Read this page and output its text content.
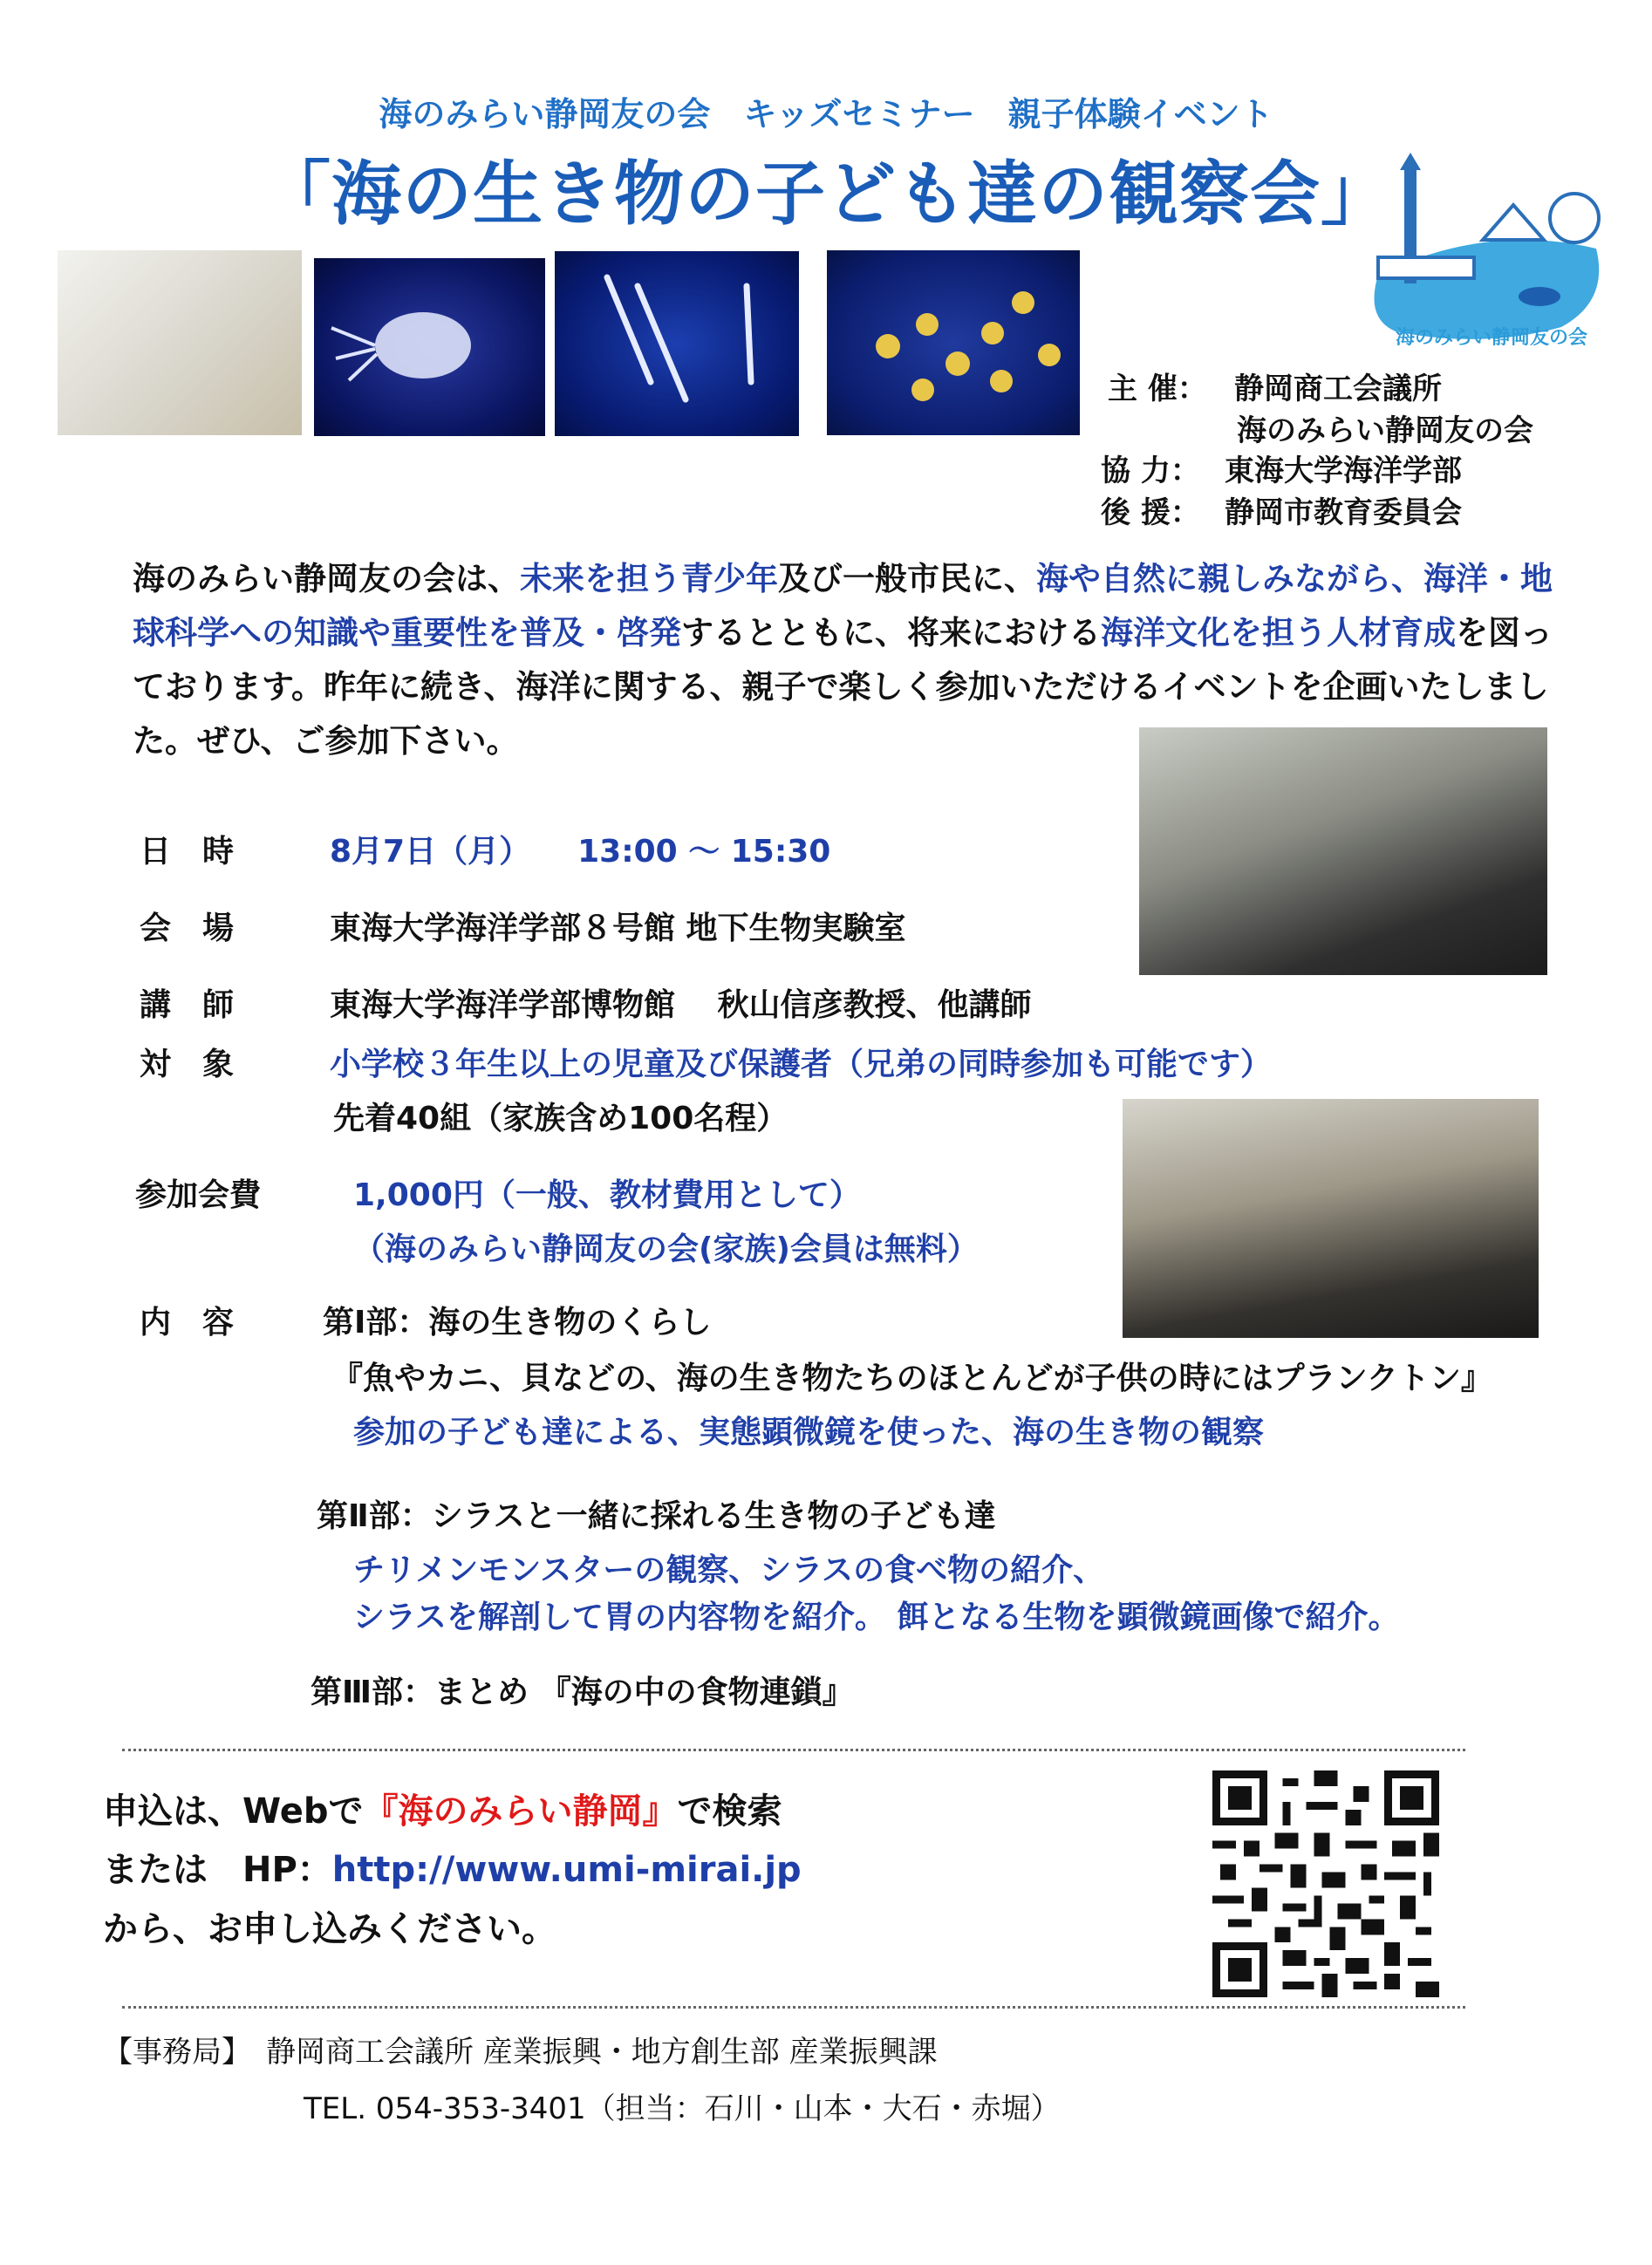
海のみらい静岡友の会　キッズセミナー　親子体験イベント
「海の生き物の子ども達の観察会」
海のみらい静岡友の会
主 催： 静岡商工会議所
海のみらい静岡友の会
協 力： 東海大学海洋学部
後 援： 静岡市教育委員会
海のみらい静岡友の会は、未来を担う青少年及び一般市民に、海や自然に親しみながら、海洋・地球科学への知識や重要性を普及・啓発するとともに、将来における海洋文化を担う人材育成を図っております。昨年に続き、海洋に関する、親子で楽しく参加いただけるイベントを企画いたしました。ぜひ、ご参加下さい。
日　時	8月7日（月）　　13:00 ～ 15:30
会　場	東海大学海洋学部８号館 地下生物実験室
講　師	東海大学海洋学部博物館　 秋山信彦教授、他講師
対　象	小学校３年生以上の児童及び保護者（兄弟の同時参加も可能です）
先着40組（家族含め100名程）
参加会費	1,000円（一般、教材費用として）
（海のみらい静岡友の会(家族)会員は無料）
内　容	第Ⅰ部：海の生き物のくらし
『魚やカニ、貝などの、海の生き物たちのほとんどが子供の時にはプランクトン』
参加の子ども達による、実態顕微鏡を使った、海の生き物の観察
第Ⅱ部：シラスと一緒に採れる生き物の子ども達
チリメンモンスターの観察、シラスの食べ物の紹介、
シラスを解剖して胃の内容物を紹介。 餌となる生物を顕微鏡画像で紹介。
第Ⅲ部：まとめ 『海の中の食物連鎖』
申込は、Webで『海のみらい静岡』で検索
または　HP：http://www.umi-mirai.jp
から、お申し込みください。
【事務局】　静岡商工会議所 産業振興・地方創生部 産業振興課
TEL. 054-353-3401（担当：石川・山本・大石・赤堀）
